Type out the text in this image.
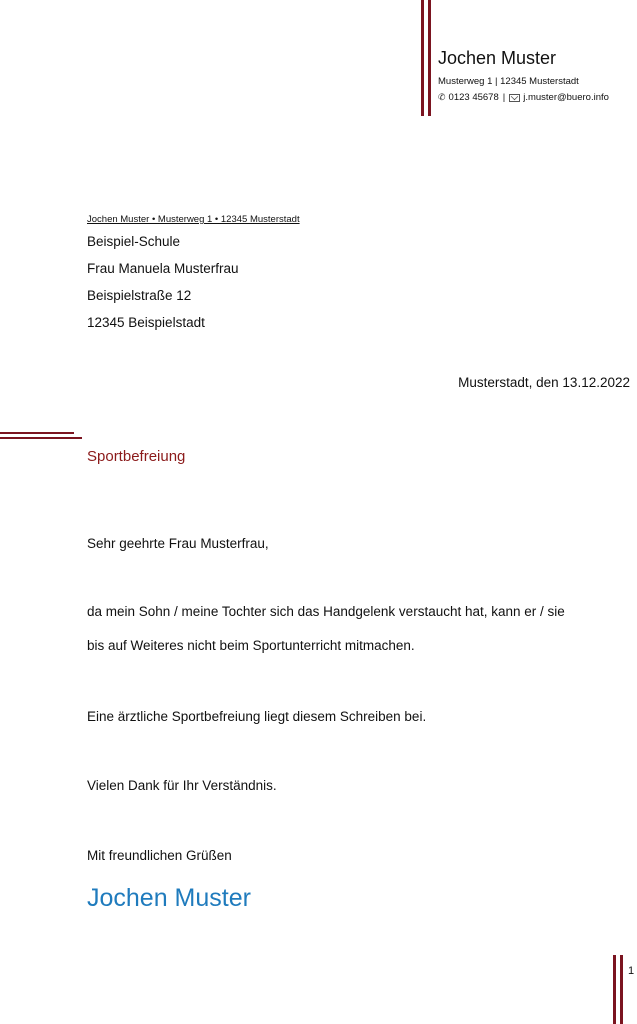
Jochen Muster
Musterweg 1 | 12345 Musterstadt
✆ 0123 45678 | j.muster@buero.info
Jochen Muster • Musterweg 1 • 12345 Musterstadt
Beispiel-Schule
Frau Manuela Musterfrau
Beispielstraße 12
12345 Beispielstadt
Musterstadt, den 13.12.2022
Sportbefreiung
Sehr geehrte Frau Musterfrau,
da mein Sohn / meine Tochter sich das Handgelenk verstaucht hat, kann er / sie
bis auf Weiteres nicht beim Sportunterricht mitmachen.
Eine ärztliche Sportbefreiung liegt diesem Schreiben bei.
Vielen Dank für Ihr Verständnis.
Mit freundlichen Grüßen
Jochen Muster
1
